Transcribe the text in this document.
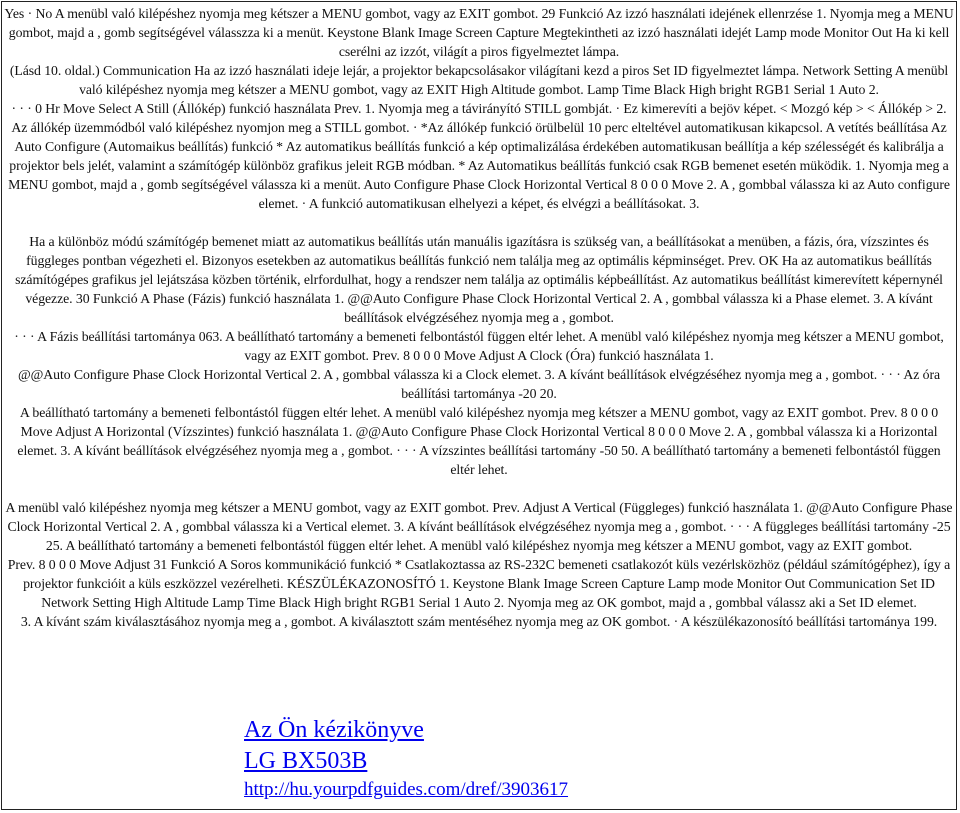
Yes · No A menübl való kilépéshez nyomja meg kétszer a MENU gombot, vagy az EXIT gombot. 29 Funkció Az izzó használati idejének ellenrzése 1. Nyomja meg a MENU gombot, majd a , gomb segítségével válasszza ki a menüt. Keystone Blank Image Screen Capture Megtekintheti az izzó használati idejét Lamp mode Monitor Out Ha ki kell cserélni az izzót, világít a piros figyelmeztet lámpa.

(Lásd 10. oldal.) Communication Ha az izzó használati ideje lejár, a projektor bekapcsolásakor világítani kezd a piros Set ID figyelmeztet lámpa. Network Setting A menübl való kilépéshez nyomja meg kétszer a MENU gombot, vagy az EXIT High Altitude gombot. Lamp Time Black High bright RGB1 Serial 1 Auto 2.

· · · 0 Hr Move Select A Still (Állókép) funkció használata Prev. 1. Nyomja meg a távirányító STILL gombját. · Ez kimerevíti a bejöv képet. < Mozgó kép > < Állókép > 2.

Az állókép üzemmódból való kilépéshez nyomjon meg a STILL gombot. · *Az állókép funkció örülbelül 10 perc elteltével automatikusan kikapcsol. A vetítés beállítása Az Auto Configure (Automaikus beállítás) funkció * Az automatikus beállítás funkció a kép optimalizálása érdekében automatikusan beállítja a kép szélességét és kalibrálja a projektor bels jelét, valamint a számítógép különböz grafikus jeleit RGB módban. * Az Automatikus beállítás funkció csak RGB bemenet esetén müködik. 1. Nyomja meg a MENU gombot, majd a , gomb segítségével válassza ki a menüt. Auto Configure Phase Clock Horizontal Vertical 8 0 0 0 Move 2. A , gombbal válassza ki az Auto configure elemet. · A funkció automatikusan elhelyezi a képet, és elvégzi a beállításokat. 3.

Ha a különböz módú számítógép bemenet miatt az automatikus beállítás után manuális igazításra is szükség van, a beállításokat a menüben, a fázis, óra, vízszintes és függleges pontban végezheti el. Bizonyos esetekben az automatikus beállítás funkció nem találja meg az optimális képminséget. Prev. OK Ha az automatikus beállítás számítógépes grafikus jel lejátszása közben történik, elrfordulhat, hogy a rendszer nem találja az optimális képbeállítást. Az automatikus beállítást kimerevített képernynél végezze. 30 Funkció A Phase (Fázis) funkció használata 1. @@Auto Configure Phase Clock Horizontal Vertical 2. A , gombbal válassza ki a Phase elemet. 3. A kívánt beállítások elvégzéséhez nyomja meg a , gombot.

· · · A Fázis beállítási tartománya 063. A beállítható tartomány a bemeneti felbontástól függen eltér lehet. A menübl való kilépéshez nyomja meg kétszer a MENU gombot, vagy az EXIT gombot. Prev. 8 0 0 0 Move Adjust A Clock (Óra) funkció használata 1.

@@Auto Configure Phase Clock Horizontal Vertical 2. A , gombbal válassza ki a Clock elemet. 3. A kívánt beállítások elvégzéséhez nyomja meg a , gombot. · · · Az óra beállítási tartománya -20 20.

A beállítható tartomány a bemeneti felbontástól függen eltér lehet. A menübl való kilépéshez nyomja meg kétszer a MENU gombot, vagy az EXIT gombot. Prev. 8 0 0 0 Move Adjust A Horizontal (Vízszintes) funkció használata 1. @@Auto Configure Phase Clock Horizontal Vertical 8 0 0 0 Move 2. A , gombbal válassza ki a Horizontal elemet. 3. A kívánt beállítások elvégzéséhez nyomja meg a , gombot. · · · A vízszintes beállítási tartomány -50 50. A beállítható tartomány a bemeneti felbontástól függen eltér lehet.

A menübl való kilépéshez nyomja meg kétszer a MENU gombot, vagy az EXIT gombot. Prev. Adjust A Vertical (Függleges) funkció használata 1. @@Auto Configure Phase Clock Horizontal Vertical 2. A , gombbal válassza ki a Vertical elemet. 3. A kívánt beállítások elvégzéséhez nyomja meg a , gombot. · · · A függleges beállítási tartomány -25 25. A beállítható tartomány a bemeneti felbontástól függen eltér lehet. A menübl való kilépéshez nyomja meg kétszer a MENU gombot, vagy az EXIT gombot.

Prev. 8 0 0 0 Move Adjust 31 Funkció A Soros kommunikáció funkció * Csatlakoztassa az RS-232C bemeneti csatlakozót küls vezérlsközhöz (például számítógéphez), így a projektor funkcióit a küls eszközzel vezérelheti. KÉSZÜLÉKAZONOSÍTÓ 1. Keystone Blank Image Screen Capture Lamp mode Monitor Out Communication Set ID Network Setting High Altitude Lamp Time Black High bright RGB1 Serial 1 Auto 2. Nyomja meg az OK gombot, majd a , gombbal válassz aki a Set ID elemet.

3. A kívánt szám kiválasztásához nyomja meg a , gombot. A kiválasztott szám mentéséhez nyomja meg az OK gombot. · A készülékazonosító beállítási tartománya 199.

Az Ön kézikönyve
LG BX503B
http://hu.yourpdfguides.com/dref/3903617
